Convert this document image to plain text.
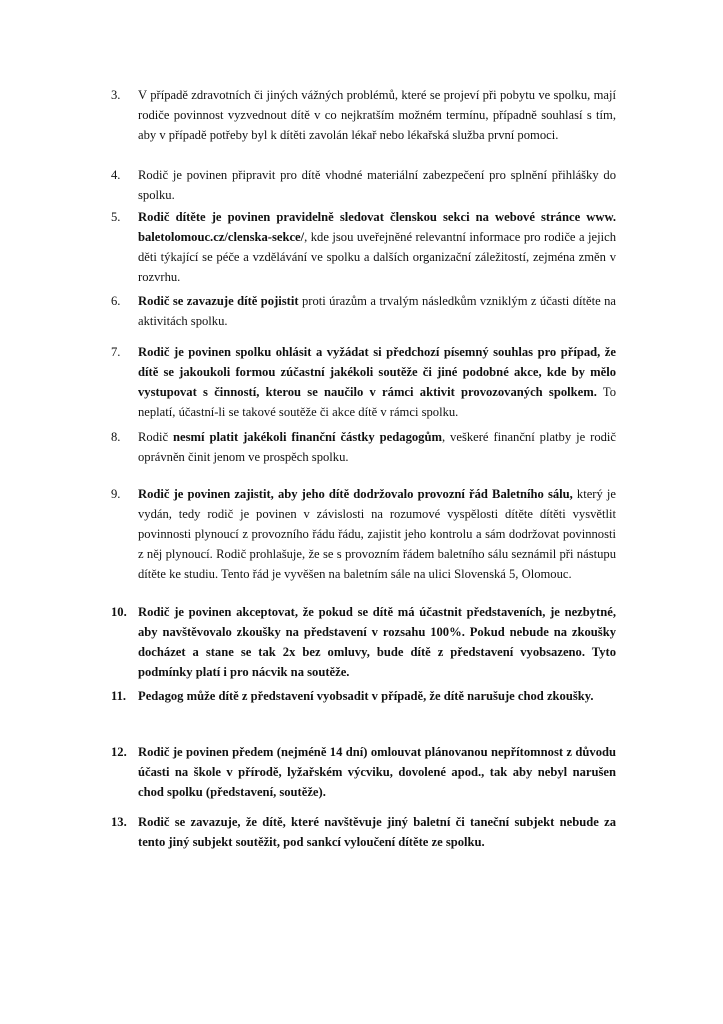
3.	V případě zdravotních či jiných vážných problémů, které se projeví při pobytu ve spolku, mají rodiče povinnost vyzvednout dítě v co nejkratším možném termínu, případně souhlasí s tím, aby v případě potřeby byl k dítěti zavolán lékař nebo lékařská služba první pomoci.
4.	Rodič je povinen připravit pro dítě vhodné materiální zabezpečení pro splnění přihlášky do spolku.
5.	Rodič dítěte je povinen pravidelně sledovat členskou sekci na webové stránce www. baletolomouc.cz/clenska-sekce/, kde jsou uveřejněné relevantní informace pro rodiče a jejich děti týkající se péče a vzdělávání ve spolku a dalších organizační záležitostí, zejména změn v rozvrhu.
6.	Rodič se zavazuje dítě pojistit proti úrazům a trvalým následkům vzniklým z účasti dítěte na aktivitách spolku.
7.	Rodič je povinen spolku ohlásit a vyžádat si předchozí písemný souhlas pro případ, že dítě se jakoukoli formou zúčastní jakékoli soutěže či jiné podobné akce, kde by mělo vystupovat s činností, kterou se naučilo v rámci aktivit provozovaných spolkem. To neplatí, účastní-li se takové soutěže či akce dítě v rámci spolku.
8.	Rodič nesmí platit jakékoli finanční částky pedagogům, veškeré finanční platby je rodič oprávněn činit jenom ve prospěch spolku.
9.	Rodič je povinen zajistit, aby jeho dítě dodržovalo provozní řád Baletního sálu, který je vydán, tedy rodič je povinen v závislosti na rozumové vyspělosti dítěte dítěti vysvětlit povinnosti plynoucí z provozního řádu řádu, zajistit jeho kontrolu a sám dodržovat povinnosti z něj plynoucí. Rodič prohlašuje, že se s provozním řádem baletního sálu seznámil při nástupu dítěte ke studiu. Tento řád je vyvěšen na baletním sále na ulici Slovenská 5, Olomouc.
10. Rodič je povinen akceptovat, že pokud se dítě má účastnit představeních, je nezbytné, aby navštěvovalo zkoušky na představení v rozsahu 100%. Pokud nebude na zkoušky docházet a stane se tak 2x bez omluvy, bude dítě z představení vyobsazeno. Tyto podmínky platí i pro nácvik na soutěže.
11. Pedagog může dítě z představení vyobsadit v případě, že dítě narušuje chod zkoušky.
12. Rodič je povinen předem (nejméně 14 dní) omlouvat plánovanou nepřítomnost z důvodu účasti na škole v přírodě, lyžařském výcviku, dovolené apod., tak aby nebyl narušen chod spolku (představení, soutěže).
13. Rodič se zavazuje, že dítě, které navštěvuje jiný baletní či taneční subjekt nebude za tento jiný subjekt soutěžit, pod sankcí vyloučení dítěte ze spolku.
